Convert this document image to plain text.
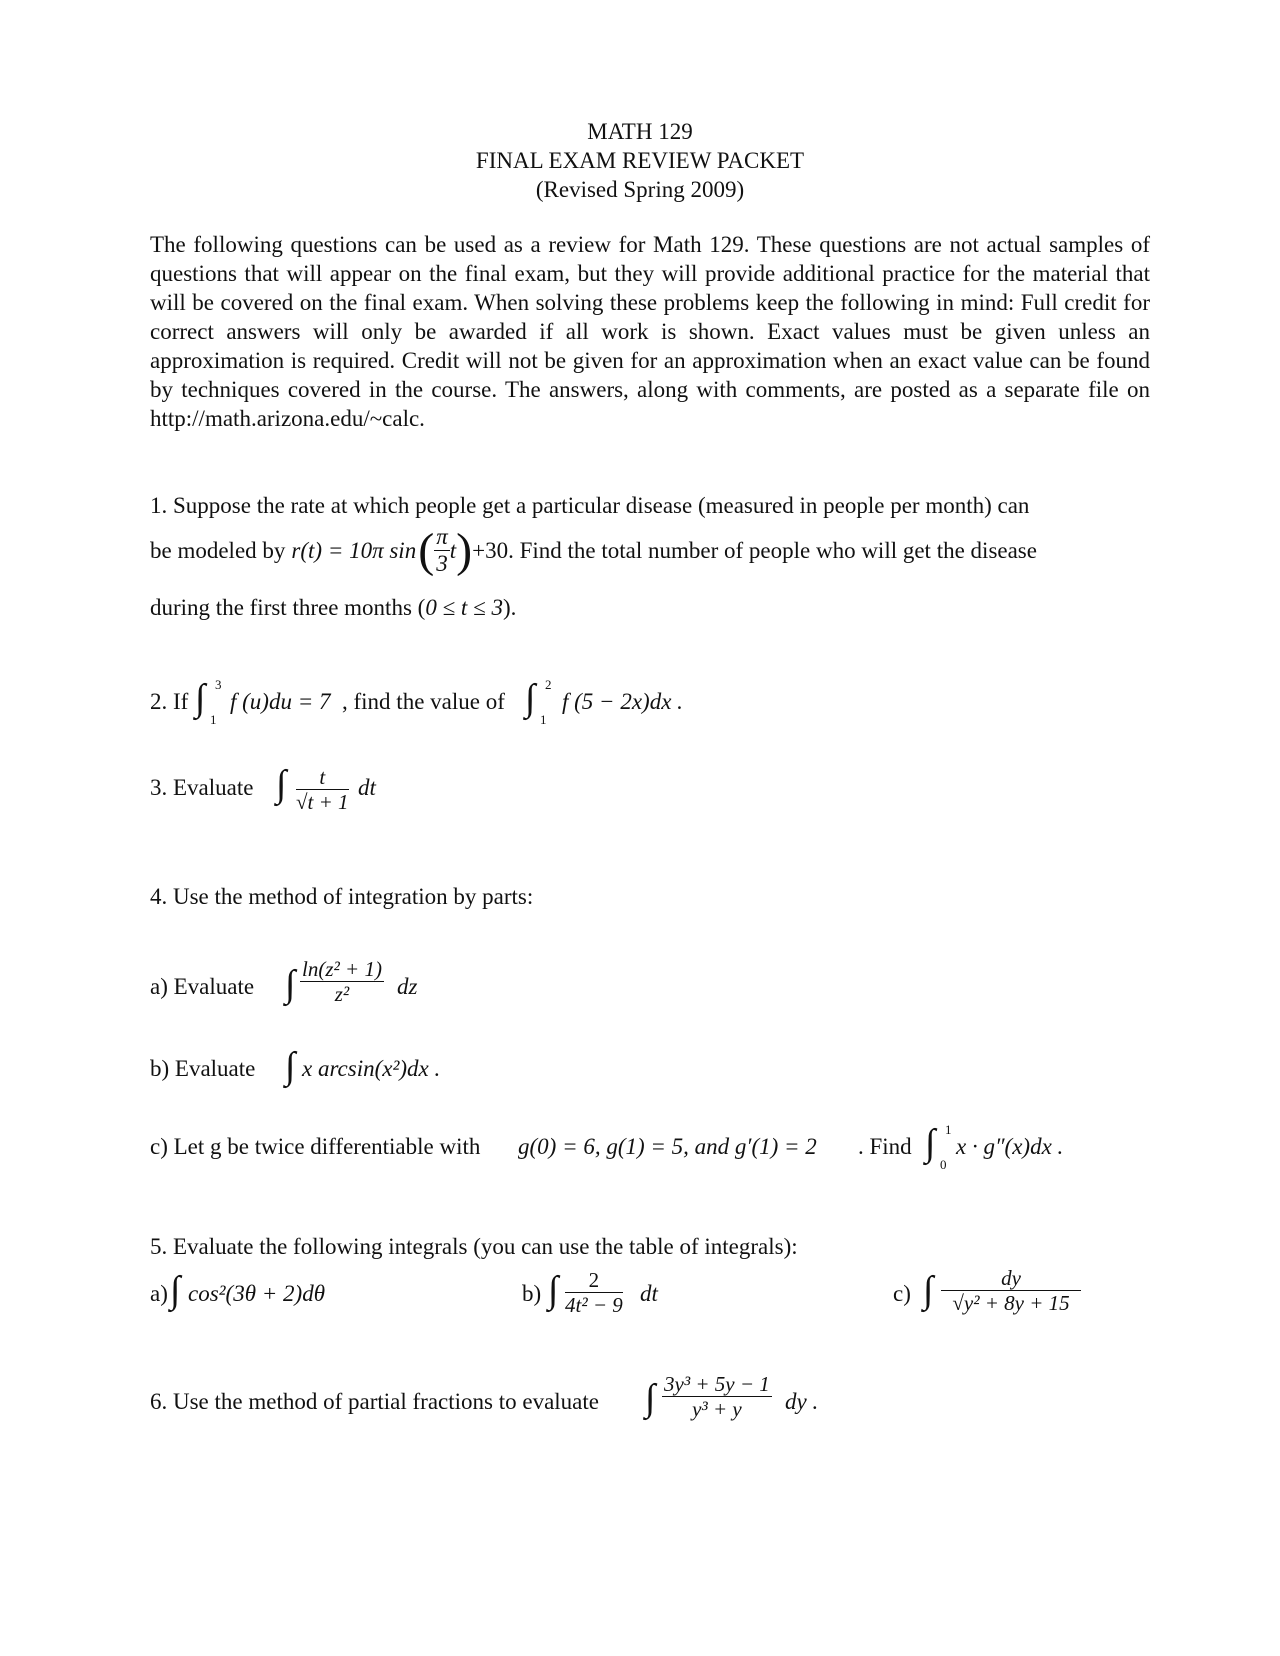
MATH 129
FINAL EXAM REVIEW PACKET
(Revised Spring 2009)
The following questions can be used as a review for Math 129. These questions are not actual samples of questions that will appear on the final exam, but they will provide additional practice for the material that will be covered on the final exam. When solving these problems keep the following in mind: Full credit for correct answers will only be awarded if all work is shown. Exact values must be given unless an approximation is required. Credit will not be given for an approximation when an exact value can be found by techniques covered in the course. The answers, along with comments, are posted as a separate file on http://math.arizona.edu/~calc.
1. Suppose the rate at which people get a particular disease (measured in people per month) can
be modeled by r(t) = 10π sin ( $\frac{\pi}{3}$ t ) +30 . Find the total number of people who will get the disease
during the first three months (0 ≤ t ≤ 3).
2. If ∫ 3
1
f (u)du = 7 , find the value of ∫ 2
1
f (5 − 2x)dx .
3. Evaluate ∫ $\frac{t}{√t + 1}$ dt
4. Use the method of integration by parts:
a) Evaluate ∫ $\frac{\text{ln(z² + 1)}}{\text{z²}}$ dz
b) Evaluate ∫ x arcsin(x²)dx .
c) Let g be twice differentiable with g(0) = 6, g(1) = 5, and g′(1) = 2 . Find ∫ 1
0
x · g″(x)dx .
5. Evaluate the following integrals (you can use the table of integrals):
a) ∫ cos²(3θ + 2)dθ	b) ∫ $\frac{2}{\text{4t² − 9}}$ dt	c) ∫ $\frac{dy}{\text{√y² + 8y + 15}}$
6. Use the method of partial fractions to evaluate ∫ $\frac{\text{3y³ + 5y − 1}}{\text{y³ + y}}$ dy .
